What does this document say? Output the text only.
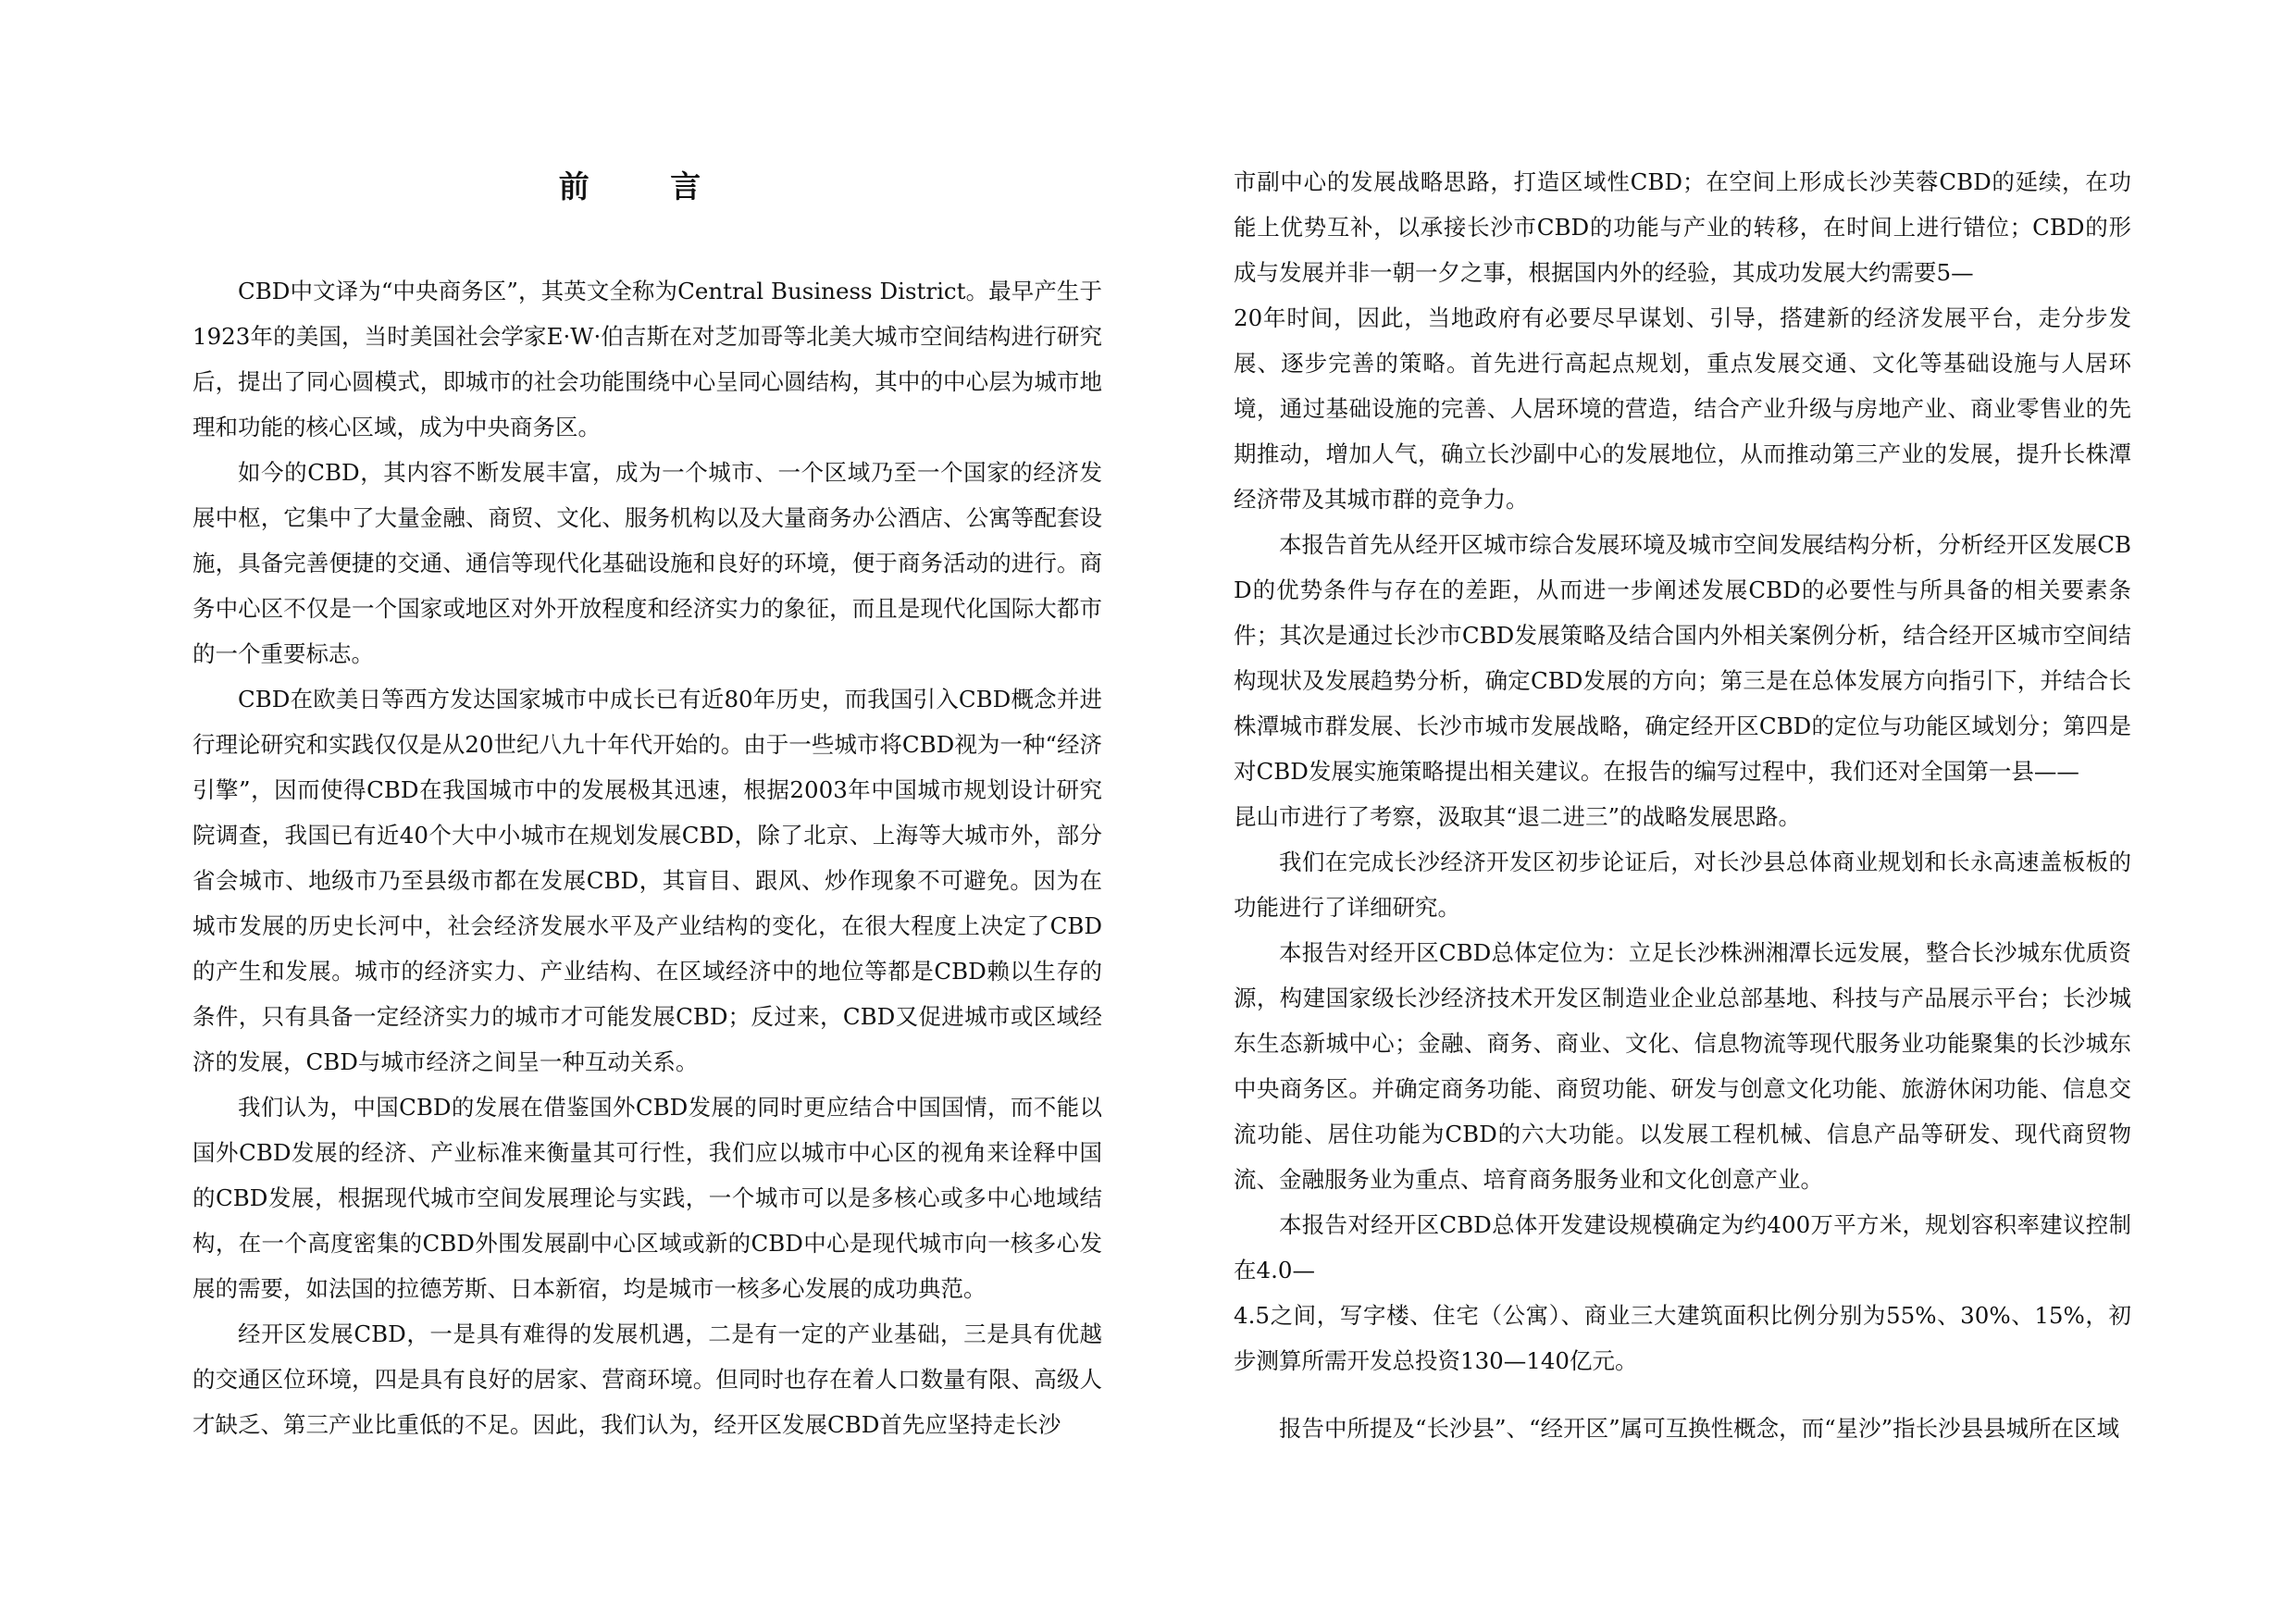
前 言

CBD中文译为“中央商务区”，其英文全称为Central Business District。最早产生于1923年的美国，当时美国社会学家E·W·伯吉斯在对芝加哥等北美大城市空间结构进行研究后，提出了同心圆模式，即城市的社会功能围绕中心呈同心圆结构，其中的中心层为城市地理和功能的核心区域，成为中央商务区。

如今的CBD，其内容不断发展丰富，成为一个城市、一个区域乃至一个国家的经济发展中枢，它集中了大量金融、商贸、文化、服务机构以及大量商务办公酒店、公寓等配套设施，具备完善便捷的交通、通信等现代化基础设施和良好的环境，便于商务活动的进行。商务中心区不仅是一个国家或地区对外开放程度和经济实力的象征，而且是现代化国际大都市的一个重要标志。

CBD在欧美日等西方发达国家城市中成长已有近80年历史，而我国引入CBD概念并进行理论研究和实践仅仅是从20世纪八九十年代开始的。由于一些城市将CBD视为一种“经济引擎”，因而使得CBD在我国城市中的发展极其迅速，根据2003年中国城市规划设计研究院调查，我国已有近40个大中小城市在规划发展CBD，除了北京、上海等大城市外，部分省会城市、地级市乃至县级市都在发展CBD，其盲目、跟风、炒作现象不可避免。因为在城市发展的历史长河中，社会经济发展水平及产业结构的变化，在很大程度上决定了CBD的产生和发展。城市的经济实力、产业结构、在区域经济中的地位等都是CBD赖以生存的条件，只有具备一定经济实力的城市才可能发展CBD；反过来，CBD又促进城市或区域经济的发展，CBD与城市经济之间呈一种互动关系。

我们认为，中国CBD的发展在借鉴国外CBD发展的同时更应结合中国国情，而不能以国外CBD发展的经济、产业标准来衡量其可行性，我们应以城市中心区的视角来诠释中国的CBD发展，根据现代城市空间发展理论与实践，一个城市可以是多核心或多中心地域结构，在一个高度密集的CBD外围发展副中心区域或新的CBD中心是现代城市向一核多心发展的需要，如法国的拉德芳斯、日本新宿，均是城市一核多心发展的成功典范。

经开区发展CBD，一是具有难得的发展机遇，二是有一定的产业基础，三是具有优越的交通区位环境，四是具有良好的居家、营商环境。但同时也存在着人口数量有限、高级人才缺乏、第三产业比重低的不足。因此，我们认为，经开区发展CBD首先应坚持走长沙

市副中心的发展战略思路，打造区域性CBD；在空间上形成长沙芙蓉CBD的延续，在功能上优势互补，以承接长沙市CBD的功能与产业的转移，在时间上进行错位；CBD的形成与发展并非一朝一夕之事，根据国内外的经验，其成功发展大约需要5—

20年时间，因此，当地政府有必要尽早谋划、引导，搭建新的经济发展平台，走分步发展、逐步完善的策略。首先进行高起点规划，重点发展交通、文化等基础设施与人居环境，通过基础设施的完善、人居环境的营造，结合产业升级与房地产业、商业零售业的先期推动，增加人气，确立长沙副中心的发展地位，从而推动第三产业的发展，提升长株潭经济带及其城市群的竞争力。

本报告首先从经开区城市综合发展环境及城市空间发展结构分析，分析经开区发展CBD的优势条件与存在的差距，从而进一步阐述发展CBD的必要性与所具备的相关要素条件；其次是通过长沙市CBD发展策略及结合国内外相关案例分析，结合经开区城市空间结构现状及发展趋势分析，确定CBD发展的方向；第三是在总体发展方向指引下，并结合长株潭城市群发展、长沙市城市发展战略，确定经开区CBD的定位与功能区域划分；第四是对CBD发展实施策略提出相关建议。在报告的编写过程中，我们还对全国第一县——

昆山市进行了考察，汲取其“退二进三”的战略发展思路。

我们在完成长沙经济开发区初步论证后，对长沙县总体商业规划和长永高速盖板板的功能进行了详细研究。

本报告对经开区CBD总体定位为：立足长沙株洲湘潭长远发展，整合长沙城东优质资源，构建国家级长沙经济技术开发区制造业企业总部基地、科技与产品展示平台；长沙城东生态新城中心；金融、商务、商业、文化、信息物流等现代服务业功能聚集的长沙城东中央商务区。并确定商务功能、商贸功能、研发与创意文化功能、旅游休闲功能、信息交流功能、居住功能为CBD的六大功能。以发展工程机械、信息产品等研发、现代商贸物流、金融服务业为重点、培育商务服务业和文化创意产业。

本报告对经开区CBD总体开发建设规模确定为约400万平方米，规划容积率建议控制在4.0—

4.5之间，写字楼、住宅（公寓）、商业三大建筑面积比例分别为55%、30%、15%，初步测算所需开发总投资130—140亿元。

报告中所提及“长沙县”、“经开区”属可互换性概念，而“星沙”指长沙县县城所在区域
